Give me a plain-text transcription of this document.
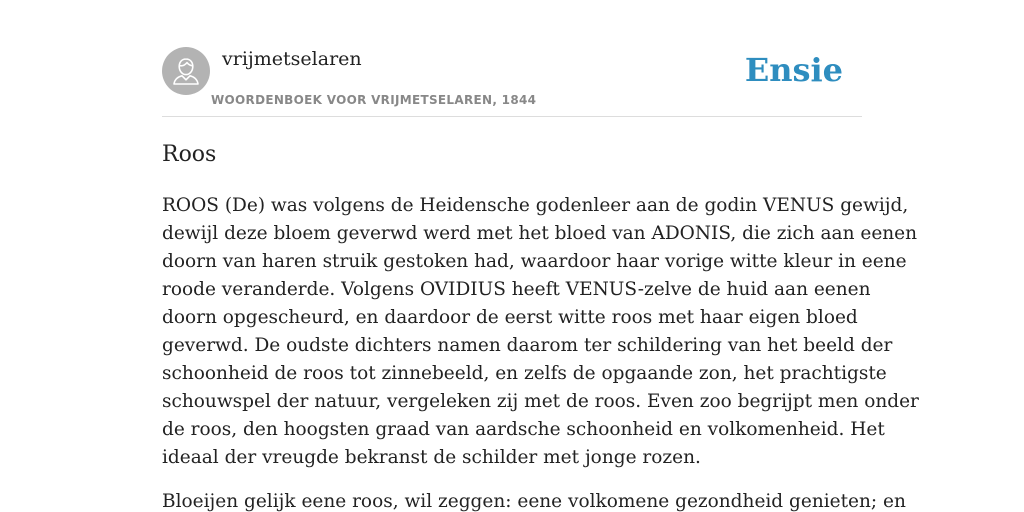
vrijmetselaren
WOORDENBOEK VOOR VRIJMETSELAREN, 1844
Ensie
Roos

ROOS (De) was volgens de Heidensche godenleer aan de godin VENUS gewijd,
dewijl deze bloem geverwd werd met het bloed van ADONIS, die zich aan eenen
doorn van haren struik gestoken had, waardoor haar vorige witte kleur in eene
roode veranderde. Volgens OVIDIUS heeft VENUS-zelve de huid aan eenen
doorn opgescheurd, en daardoor de eerst witte roos met haar eigen bloed
geverwd. De oudste dichters namen daarom ter schildering van het beeld der
schoonheid de roos tot zinnebeeld, en zelfs de opgaande zon, het prachtigste
schouwspel der natuur, vergeleken zij met de roos. Even zoo begrijpt men onder
de roos, den hoogsten graad van aardsche schoonheid en volkomenheid. Het
ideaal der vreugde bekranst de schilder met jonge rozen.

Bloeijen gelijk eene roos, wil zeggen: eene volkomene gezondheid genieten; en
